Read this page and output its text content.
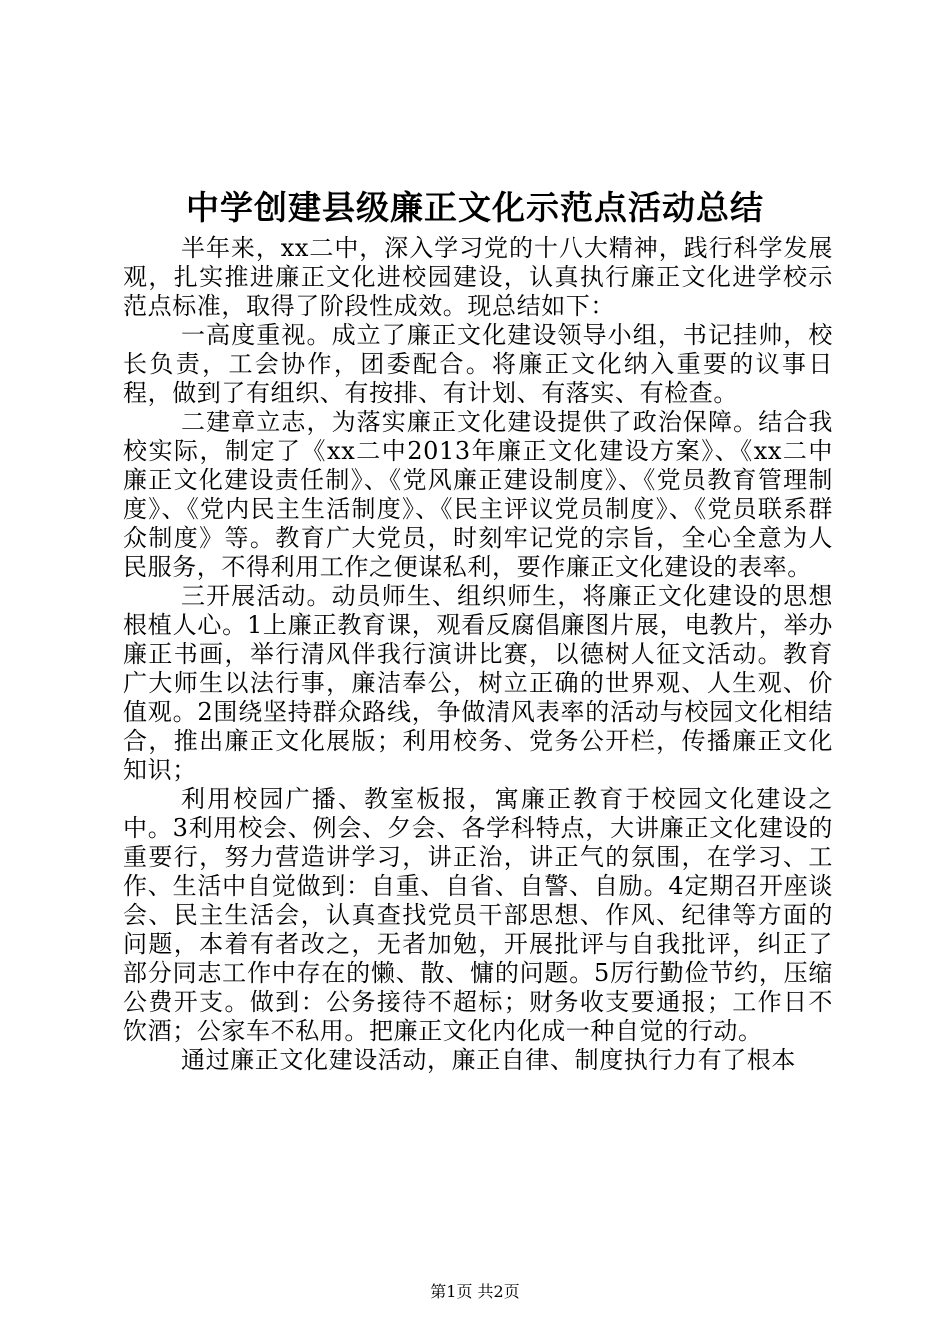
中学创建县级廉正文化示范点活动总结

半年来，xx二中，深入学习党的十八大精神，践行科学发展观，扎实推进廉正文化进校园建设，认真执行廉正文化进学校示范点标准，取得了阶段性成效。现总结如下：

一高度重视。成立了廉正文化建设领导小组，书记挂帅，校长负责，工会协作，团委配合。将廉正文化纳入重要的议事日程，做到了有组织、有按排、有计划、有落实、有检查。

二建章立志，为落实廉正文化建设提供了政治保障。结合我校实际，制定了《xx二中2013年廉正文化建设方案》、《xx二中廉正文化建设责任制》、《党风廉正建设制度》、《党员教育管理制度》、《党内民主生活制度》、《民主评议党员制度》、《党员联系群众制度》等。教育广大党员，时刻牢记党的宗旨，全心全意为人民服务，不得利用工作之便谋私利，要作廉正文化建设的表率。

三开展活动。动员师生、组织师生，将廉正文化建设的思想根植人心。1上廉正教育课，观看反腐倡廉图片展，电教片，举办廉正书画，举行清风伴我行演讲比赛，以德树人征文活动。教育广大师生以法行事，廉洁奉公，树立正确的世界观、人生观、价值观。2围绕坚持群众路线，争做清风表率的活动与校园文化相结合，推出廉正文化展版；利用校务、党务公开栏，传播廉正文化知识；

利用校园广播、教室板报，寓廉正教育于校园文化建设之中。3利用校会、例会、夕会、各学科特点，大讲廉正文化建设的重要行，努力营造讲学习，讲正治，讲正气的氛围，在学习、工作、生活中自觉做到：自重、自省、自警、自励。4定期召开座谈会、民主生活会，认真查找党员干部思想、作风、纪律等方面的问题，本着有者改之，无者加勉，开展批评与自我批评，纠正了部分同志工作中存在的懒、散、慵的问题。5厉行勤俭节约，压缩公费开支。做到：公务接待不超标；财务收支要通报；工作日不饮酒；公家车不私用。把廉正文化内化成一种自觉的行动。

通过廉正文化建设活动，廉正自律、制度执行力有了根本

第1页 共2页
